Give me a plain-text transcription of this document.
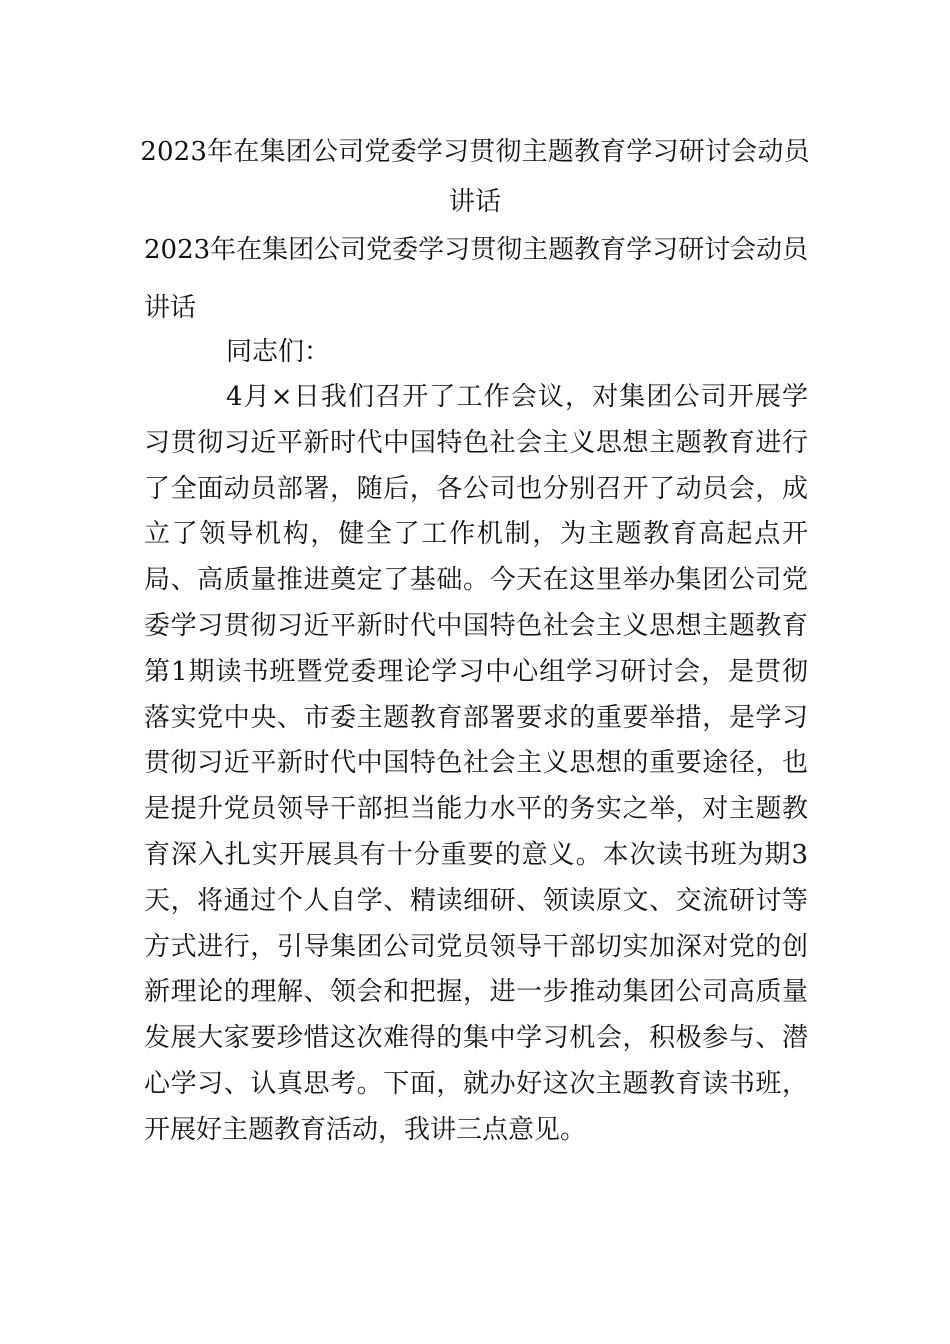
2023年在集团公司党委学习贯彻主题教育学习研讨会动员讲话
2023年在集团公司党委学习贯彻主题教育学习研讨会动员讲话
同志们：
4月×日我们召开了工作会议，对集团公司开展学习贯彻习近平新时代中国特色社会主义思想主题教育进行了全面动员部署，随后，各公司也分别召开了动员会，成立了领导机构，健全了工作机制，为主题教育高起点开局、高质量推进奠定了基础。今天在这里举办集团公司党委学习贯彻习近平新时代中国特色社会主义思想主题教育第1期读书班暨党委理论学习中心组学习研讨会，是贯彻落实党中央、市委主题教育部署要求的重要举措，是学习贯彻习近平新时代中国特色社会主义思想的重要途径，也是提升党员领导干部担当能力水平的务实之举，对主题教育深入扎实开展具有十分重要的意义。本次读书班为期3天，将通过个人自学、精读细研、领读原文、交流研讨等方式进行，引导集团公司党员领导干部切实加深对党的创新理论的理解、领会和把握，进一步推动集团公司高质量发展大家要珍惜这次难得的集中学习机会，积极参与、潜心学习、认真思考。下面，就办好这次主题教育读书班，开展好主题教育活动，我讲三点意见。
